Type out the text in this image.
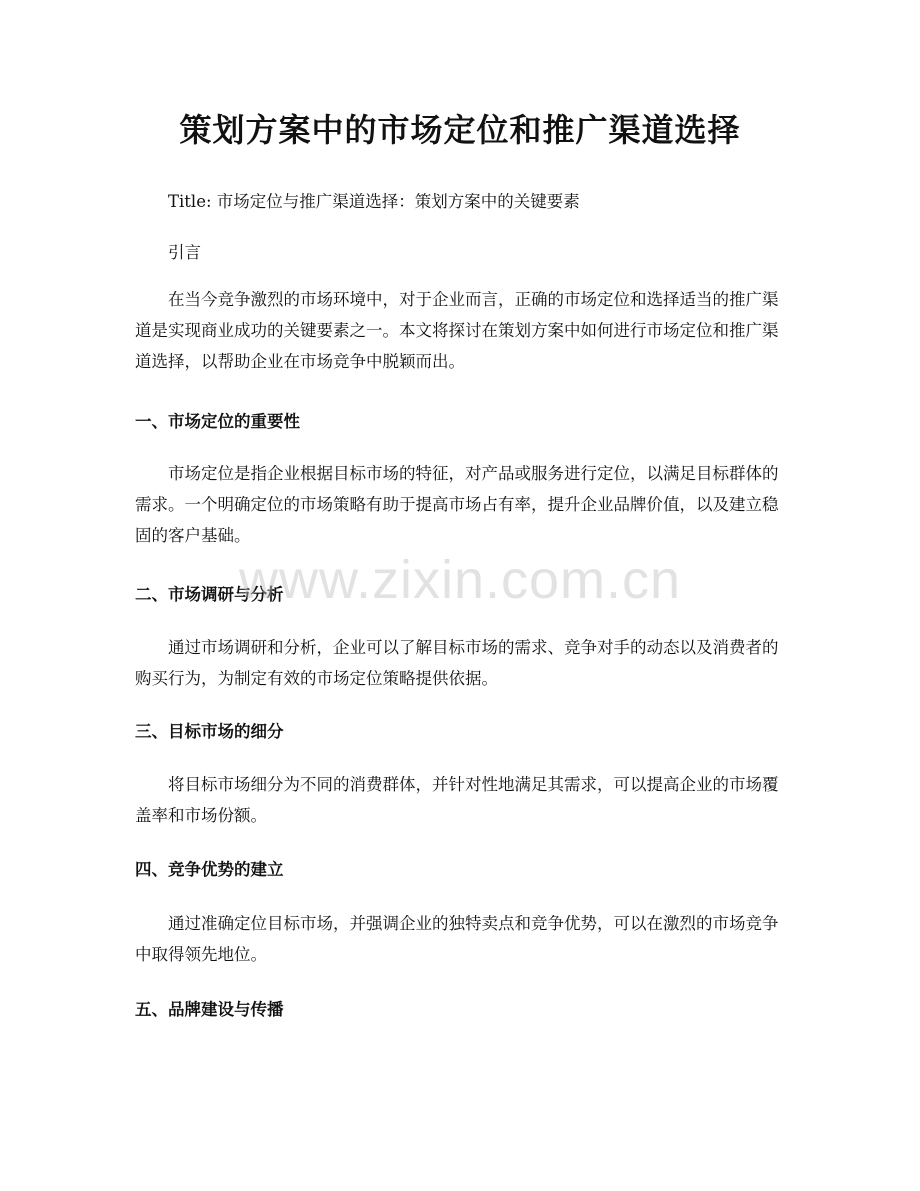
策划方案中的市场定位和推广渠道选择

Title: 市场定位与推广渠道选择：策划方案中的关键要素

引言

在当今竞争激烈的市场环境中，对于企业而言，正确的市场定位和选择适当的推广渠道是实现商业成功的关键要素之一。本文将探讨在策划方案中如何进行市场定位和推广渠道选择，以帮助企业在市场竞争中脱颖而出。

一、市场定位的重要性

市场定位是指企业根据目标市场的特征，对产品或服务进行定位，以满足目标群体的需求。一个明确定位的市场策略有助于提高市场占有率，提升企业品牌价值，以及建立稳固的客户基础。

二、市场调研与分析

通过市场调研和分析，企业可以了解目标市场的需求、竞争对手的动态以及消费者的购买行为，为制定有效的市场定位策略提供依据。

三、目标市场的细分

将目标市场细分为不同的消费群体，并针对性地满足其需求，可以提高企业的市场覆盖率和市场份额。

四、竞争优势的建立

通过准确定位目标市场，并强调企业的独特卖点和竞争优势，可以在激烈的市场竞争中取得领先地位。

五、品牌建设与传播
www.zixin.com.cn
